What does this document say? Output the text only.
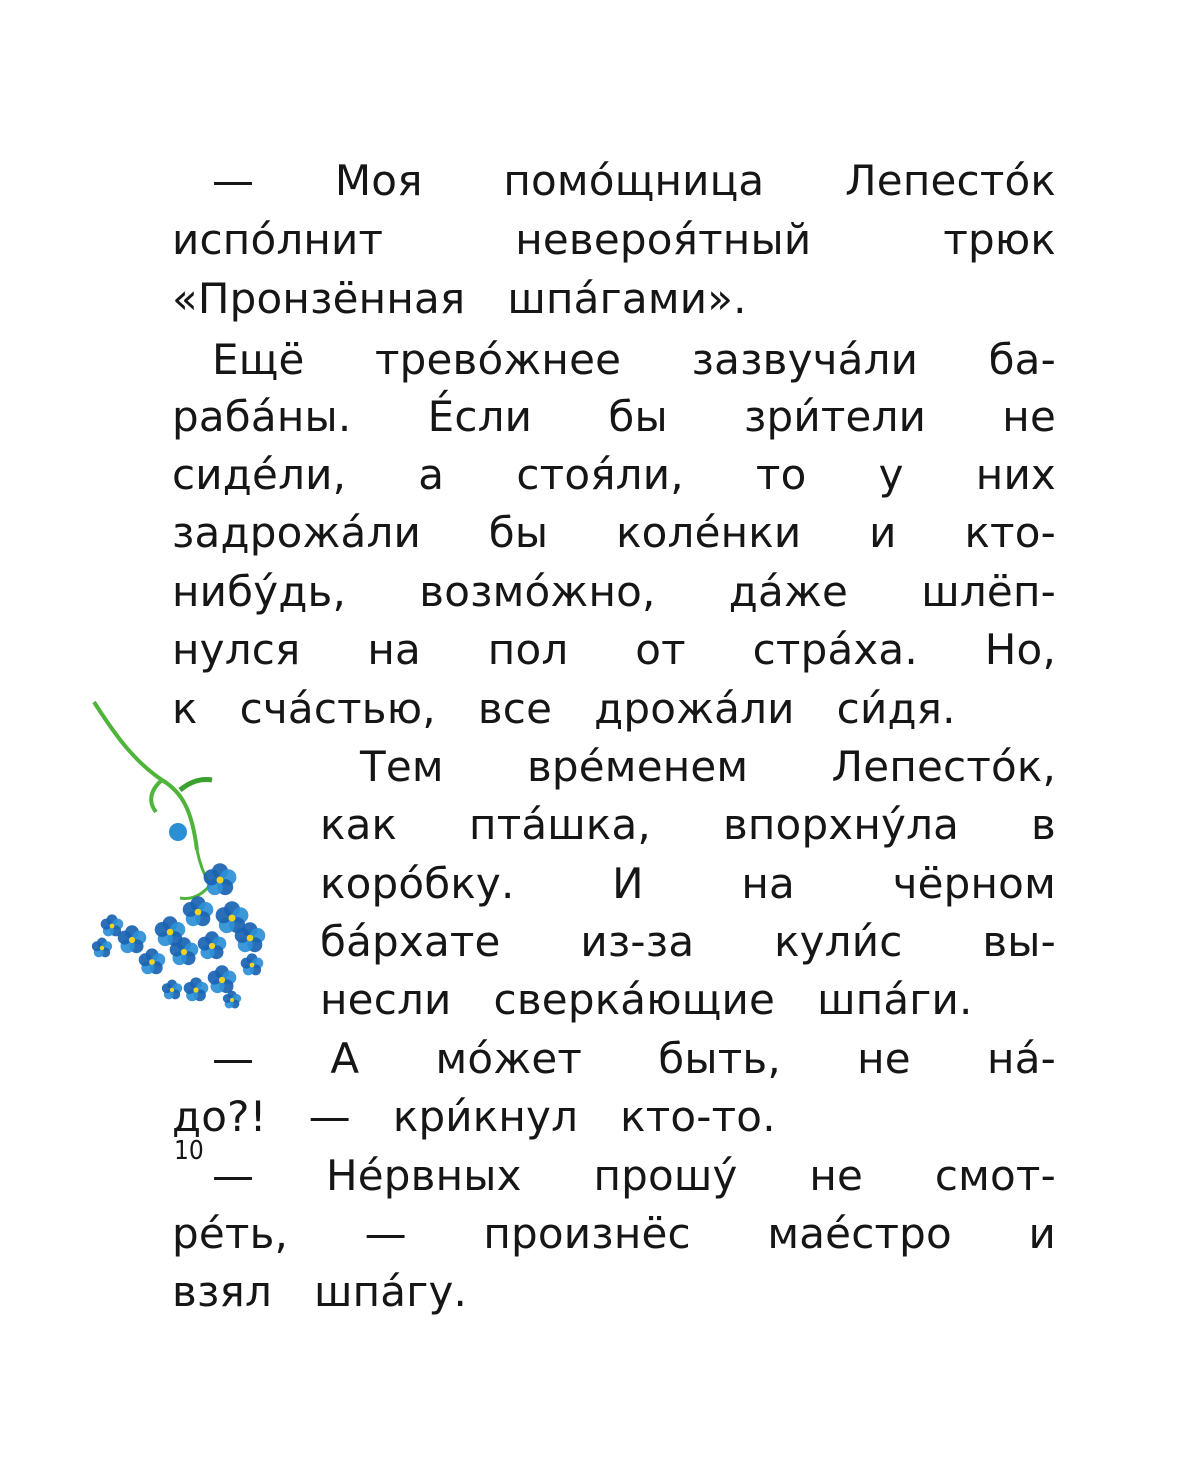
— Моя помо́щница Лепесто́к
испо́лнит	невероя́тный	трюк
«Пронзённая шпа́гами».
Ещё трево́жнее зазвуча́ли ба-
раба́ны. Е́сли бы зри́тели не
сиде́ли, а стоя́ли, то у них
задрожа́ли бы коле́нки и кто-
нибу́дь, возмо́жно, да́же шлёп-
нулся на пол от стра́ха. Но,
к сча́стью, все дрожа́ли си́дя.
Тем вре́менем Лепесто́к,
как пта́шка, впорхну́ла в
коро́бку. И на чёрном
ба́рхате из-за кули́с вы-
несли сверка́ющие шпа́ги.
— А мо́жет быть, не на́-
до?! — кри́кнул кто-то.
— Не́рвных прошу́ не смот-
ре́ть, — произнёс мае́стро и
взял шпа́гу.
10
